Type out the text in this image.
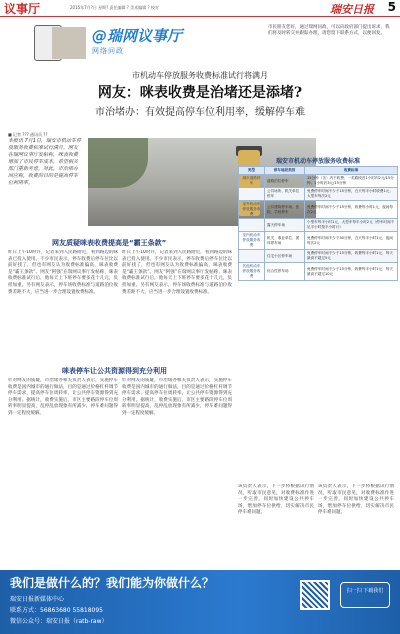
议事厅	2015年7月?日 星期? 责任编辑 ? 美术编辑 ? 校对	瑞安日报 5
@瑞网议事厅
网络问政
市民朋友您好，通过瑞网问政，可以向政府部门提出诉求，我们将及时转交并跟踪办理，请您留下联系方式，以便回复。
市机动车停放服务收费标准试行将满月
网友：咪表收费是治堵还是添堵?
市治堵办：有效提高停车位利用率，缓解停车难
■ 记者 ??? 通讯员 ??
本报讯 7月1日，瑞安市机动车停放服务收费标准试行满月。网友在瑞网议事厅发帖称，咪表收费增加了市民停车成本，希望相关部门重新考虑。对此，市治堵办回应称，收费的目的是提高停车位利用率。
瑞安市机动车停放服务收费标准
类型	停车地段类别	收费标准
城市道路停车	道路泊位停车	15分钟（含）内不收费，一类路段首1小时内2元/15分钟；1小时后3元/15分钟
	公共场所、机关单位停车	免费停车时间不少于15分钟，白天每半小时收费1元；大型车每次2元
室外机动车停放服务收费	公共建筑停车场、医院、学校停车	免费停车时间不少于15分钟，收费每小时1元，夜间每次2元
	露天停车场	小型车每半小时1元，大型车每半小时2元（停车时间不足半小时按半小时计）
室内机动车停放服务收费	机关、事业单位、团体停车场	免费停车时间不少于30分钟，白天每半小时1元，夜间每次2元
	住宅小区停车场	免费停车时间不少于15分钟，收费每半小时1元，每天最高不超过5元
其他机动车停放服务收费	综合性停车场	免费停车时间不少于15分钟，收费每半小时1元，每天最高不超过10元
网友质疑咪表收费提高是“霸王条款”
昨日上午10时许，记者来到人民路附近，看到路边的咪表已投入使用。不少市民表示，停车收费后停车位比以前好找了，但也有网友认为收费标准偏高，咪表收费是“霸王条款”。网友“阿强”在瑞网议事厅发帖称，咪表收费标准试行后，他每天上下班停车要多花十几元，负担加重。另有网友表示，停车场收费标准与道路泊位收费差距不大，应当进一步合理设置收费标准。
昨日上午10时许，记者来到人民路附近，看到路边的咪表已投入使用。不少市民表示，停车收费后停车位比以前好找了，但也有网友认为收费标准偏高，咪表收费是“霸王条款”。网友“阿强”在瑞网议事厅发帖称，咪表收费标准试行后，他每天上下班停车要多花十几元，负担加重。另有网友表示，停车场收费标准与道路泊位收费差距不大，应当进一步合理设置收费标准。
咪表停车让公共资源得到充分利用
针对网友的质疑，市治堵办相关负责人表示，实施停车收费是国内城市的通行做法，目的是通过价格杠杆调节停车需求，提高停车位周转率，让公共停车资源得到充分利用。据统计，收费实施后，市区主要路段停车位周转率明显提高，乱停乱放现象有所减少，停车难问题得到一定程度缓解。
针对网友的质疑，市治堵办相关负责人表示，实施停车收费是国内城市的通行做法，目的是通过价格杠杆调节停车需求，提高停车位周转率，让公共停车资源得到充分利用。据统计，收费实施后，市区主要路段停车位周转率明显提高，乱停乱放现象有所减少，停车难问题得到一定程度缓解。
该负责人表示，下一步将根据试行情况，听取市民意见，对收费标准作进一步完善，同时加快建设公共停车场，增加停车位供给，切实解决市民停车难问题。
该负责人表示，下一步将根据试行情况，听取市民意见，对收费标准作进一步完善，同时加快建设公共停车场，增加停车位供给，切实解决市民停车难问题。
我们是做什么的？我们能为你做什么？
瑞安日报新媒体中心
联系方式：56863680 55818095
微信公众号：瑞安日报（ratb-raw）
扫一扫 下载我们
